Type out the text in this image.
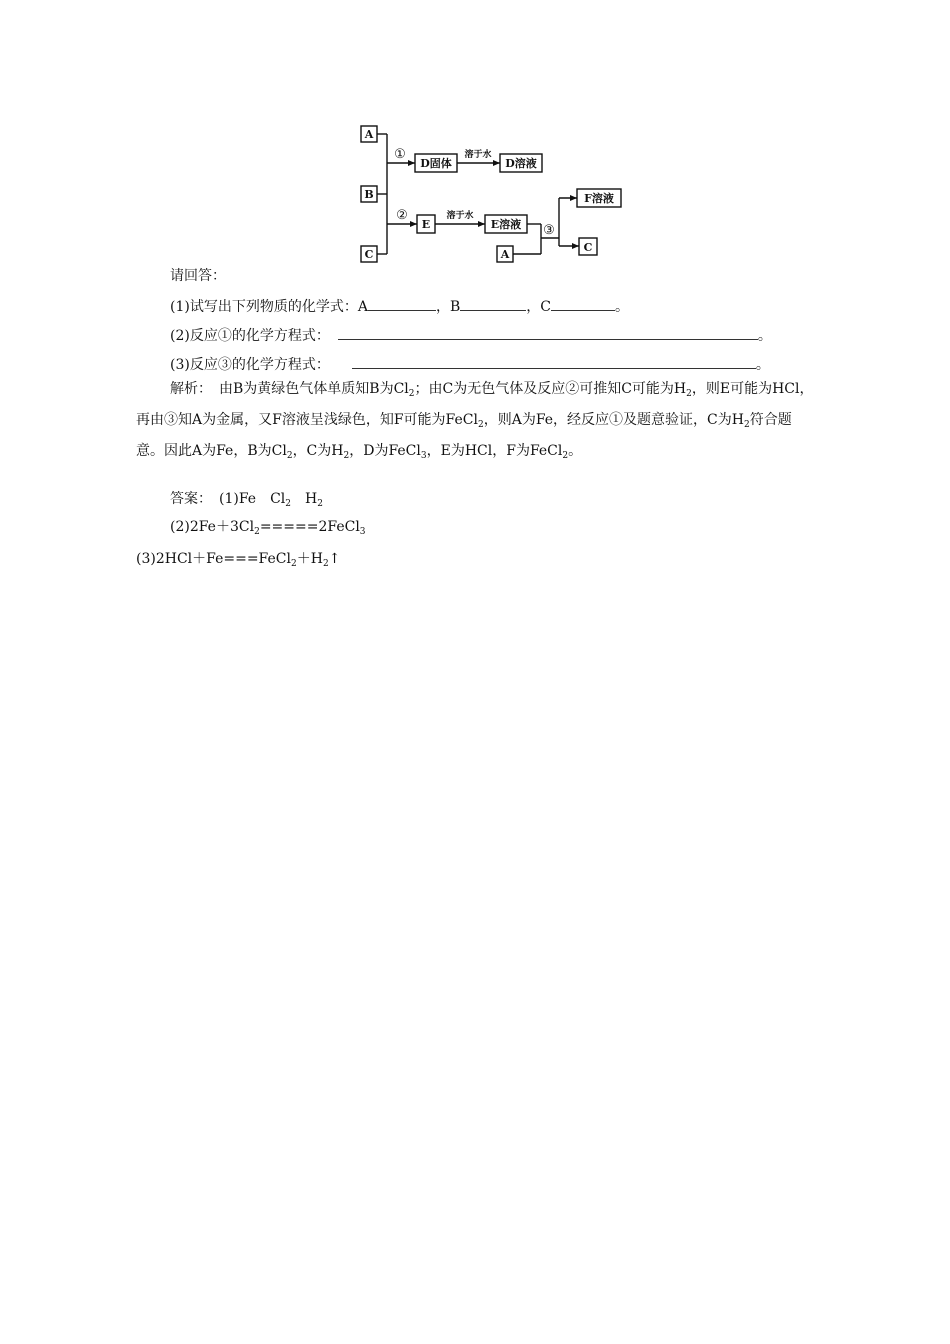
A
B
C
D固体	D溶液
E	E溶液
F溶液
A
C
①
②
③
溶于水
溶于水
请回答：
(1)试写出下列物质的化学式：A	，B	，C	。
(2)反应①的化学方程式：	。
(3)反应③的化学方程式：	。
解析：　 由B为黄绿色气体单质知B为$Cl_2$；由C为无色气体及反应②可推知C可能为$H_2$，则E可能为HCl，再由③知A为金属，又F溶液呈浅绿色，知F可能为FeCl$_2$，则A为Fe，经反应①及题意验证，C为$H_2$符合题意。因此A为Fe，B为$Cl_2$，C为$H_2$，D为FeCl$_3$，E为HCl，F为FeCl$_2$。
答案：　 (1)Fe　$Cl_2$　$H_2$
$(2)2Fe+3Cl_2=====2FeCl_3$
$(3)2HCl+Fe===FeCl_2+H_2↑$
